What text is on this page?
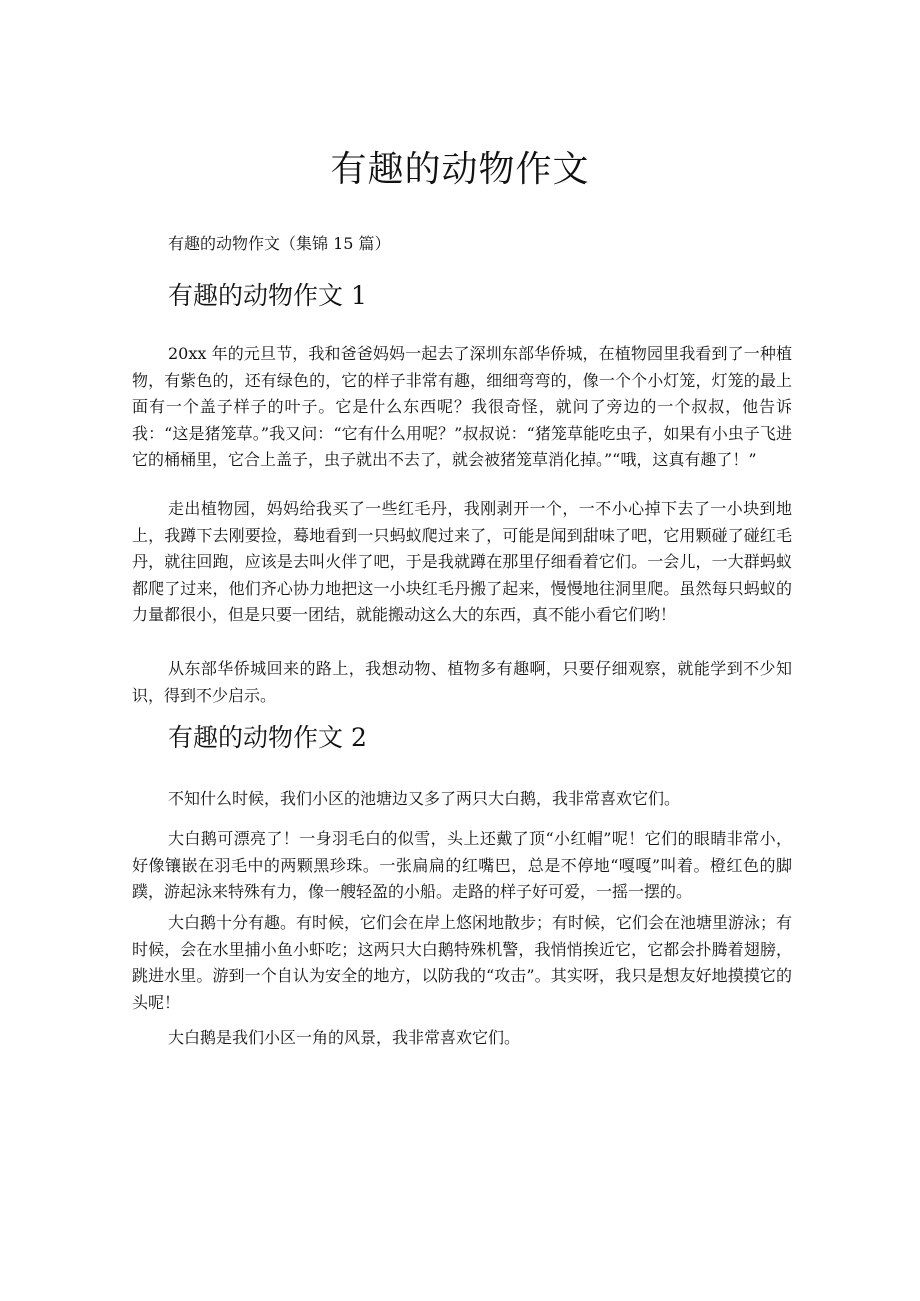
有趣的动物作文

有趣的动物作文（集锦 15 篇）

有趣的动物作文 1

20xx 年的元旦节，我和爸爸妈妈一起去了深圳东部华侨城，在植物园里我看到了一种植物，有紫色的，还有绿色的，它的样子非常有趣，细细弯弯的，像一个个小灯笼，灯笼的最上面有一个盖子样子的叶子。它是什么东西呢？我很奇怪，就问了旁边的一个叔叔，他告诉我：“这是猪笼草。”我又问：“它有什么用呢？”叔叔说：“猪笼草能吃虫子，如果有小虫子飞进它的桶桶里，它合上盖子，虫子就出不去了，就会被猪笼草消化掉。”“哦，这真有趣了！”

走出植物园，妈妈给我买了一些红毛丹，我刚剥开一个，一不小心掉下去了一小块到地上，我蹲下去刚要捡，蓦地看到一只蚂蚁爬过来了，可能是闻到甜味了吧，它用颗碰了碰红毛丹，就往回跑，应该是去叫火伴了吧，于是我就蹲在那里仔细看着它们。一会儿，一大群蚂蚁都爬了过来，他们齐心协力地把这一小块红毛丹搬了起来，慢慢地往洞里爬。虽然每只蚂蚁的力量都很小，但是只要一团结，就能搬动这么大的东西，真不能小看它们哟！

从东部华侨城回来的路上，我想动物、植物多有趣啊，只要仔细观察，就能学到不少知识，得到不少启示。

有趣的动物作文 2

不知什么时候，我们小区的池塘边又多了两只大白鹅，我非常喜欢它们。

大白鹅可漂亮了！一身羽毛白的似雪，头上还戴了顶“小红帽”呢！它们的眼睛非常小，好像镶嵌在羽毛中的两颗黑珍珠。一张扁扁的红嘴巴，总是不停地“嘎嘎”叫着。橙红色的脚蹼，游起泳来特殊有力，像一艘轻盈的小船。走路的样子好可爱，一摇一摆的。

大白鹅十分有趣。有时候，它们会在岸上悠闲地散步；有时候，它们会在池塘里游泳；有时候，会在水里捕小鱼小虾吃；这两只大白鹅特殊机警，我悄悄挨近它，它都会扑腾着翅膀，跳进水里。游到一个自认为安全的地方，以防我的“攻击”。其实呀，我只是想友好地摸摸它的头呢！

大白鹅是我们小区一角的风景，我非常喜欢它们。
